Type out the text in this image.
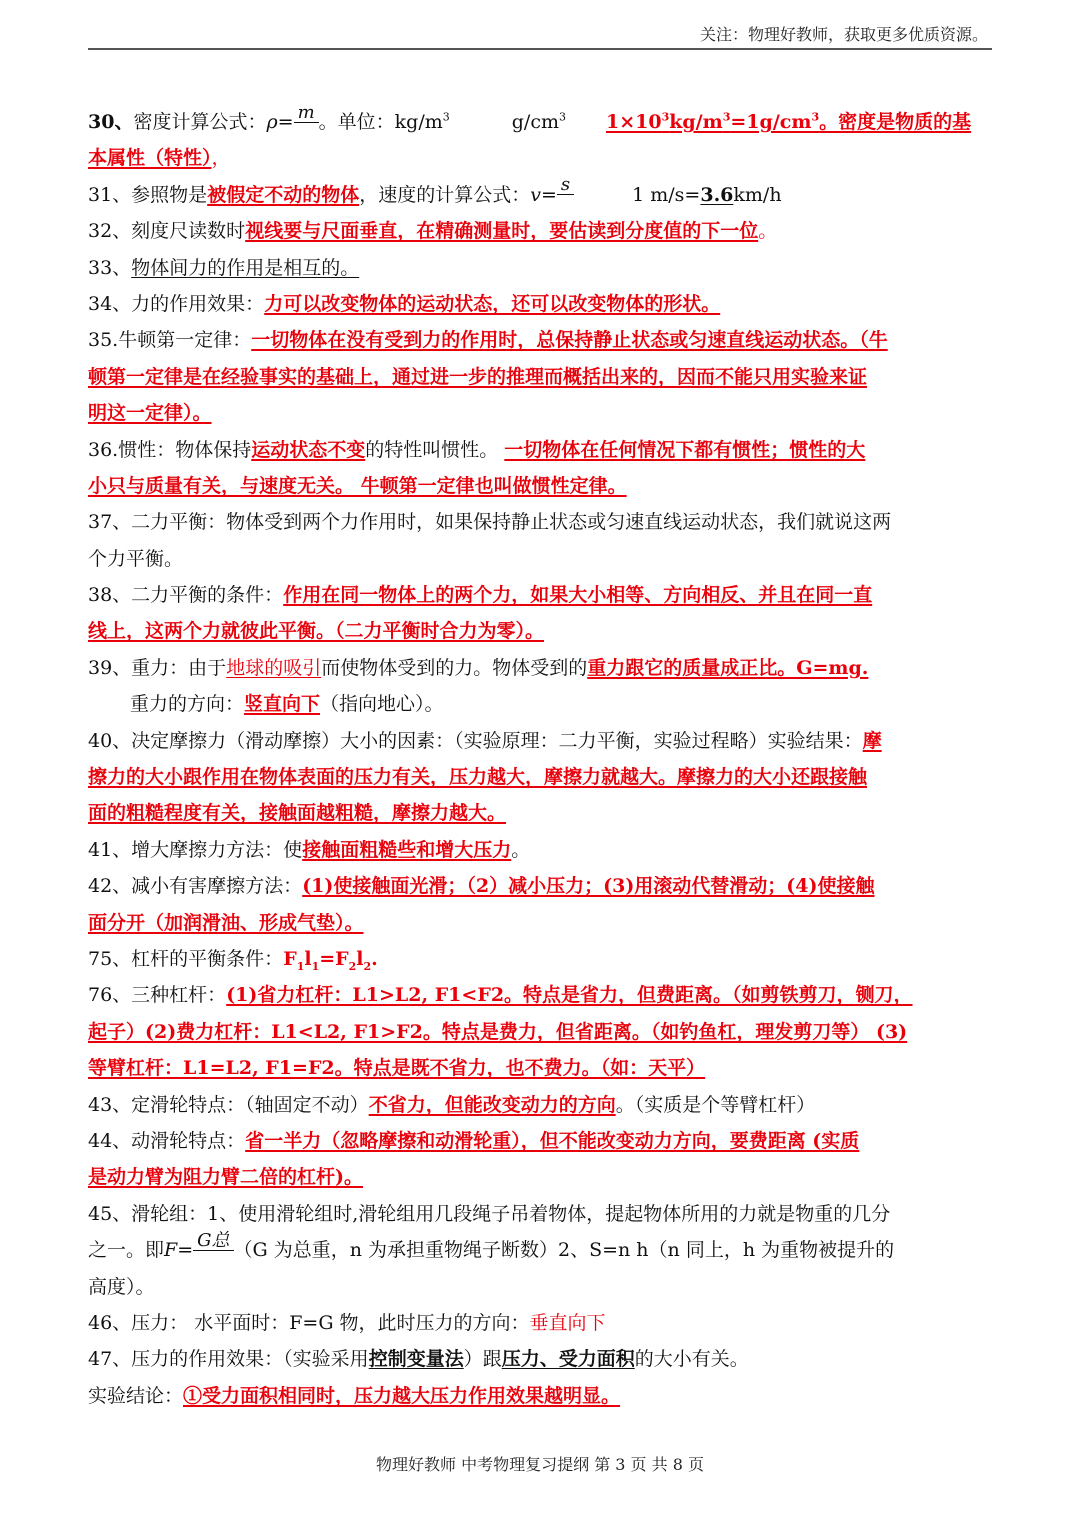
关注：物理好教师，获取更多优质资源。
30、密度计算公式：ρ= m 。单位：$kg/m^3$	$g/cm^3$ $1\times 10^3kg/m^3=1g/cm^3$。密度是物质的基
本属性（特性），
31、参照物是被假定不动的物体，速度的计算公式：v= s	1 m/s=3.6km/h
32、刻度尺读数时视线要与尺面垂直，在精确测量时，要估读到分度值的下一位。
33、物体间力的作用是相互的。
34、力的作用效果：力可以改变物体的运动状态，还可以改变物体的形状。
35.牛顿第一定律：一切物体在没有受到力的作用时，总保持静止状态或匀速直线运动状态。（牛
顿第一定律是在经验事实的基础上，通过进一步的推理而概括出来的，因而不能只用实验来证
明这一定律）。
36.惯性：物体保持运动状态不变的特性叫惯性。 一切物体在任何情况下都有惯性；惯性的大
小只与质量有关，与速度无关。 牛顿第一定律也叫做惯性定律。
37、二力平衡：物体受到两个力作用时，如果保持静止状态或匀速直线运动状态，我们就说这两
个力平衡。
38、二力平衡的条件：作用在同一物体上的两个力，如果大小相等、方向相反、并且在同一直
线上，这两个力就彼此平衡。（二力平衡时合力为零）。
39、重力：由于地球的吸引而使物体受到的力。物体受到的重力跟它的质量成正比。G=mg.
重力的方向：竖直向下（指向地心）。
40、决定摩擦力（滑动摩擦）大小的因素：（实验原理：二力平衡，实验过程略）实验结果：摩
擦力的大小跟作用在物体表面的压力有关，压力越大，摩擦力就越大。摩擦力的大小还跟接触
面的粗糙程度有关，接触面越粗糙，摩擦力越大。
41、增大摩擦力方法：使接触面粗糙些和增大压力。
42、减小有害摩擦方法：(1)使接触面光滑；（2）减小压力；(3)用滚动代替滑动；(4)使接触
面分开（加润滑油、形成气垫）。
75、杠杆的平衡条件：$F_1l_1=F_2l_2$.
76、三种杠杆：(1)省力杠杆：L1>L2, F1<F2。特点是省力，但费距离。（如剪铁剪刀，铡刀，
起子）(2)费力杠杆：L1<L2, F1>F2。特点是费力，但省距离。（如钓鱼杠，理发剪刀等） (3)
等臂杠杆：L1=L2, F1=F2。特点是既不省力，也不费力。（如：天平）
43、定滑轮特点：（轴固定不动）不省力，但能改变动力的方向。（实质是个等臂杠杆）
44、动滑轮特点：省一半力（忽略摩擦和动滑轮重），但不能改变动力方向，要费距离 (实质
是动力臂为阻力臂二倍的杠杆)。
45、滑轮组：1、使用滑轮组时,滑轮组用几段绳子吊着物体，提起物体所用的力就是物重的几分
之一。即F= G总 （G 为总重，n 为承担重物绳子断数）2、S=n h（n 同上，h 为重物被提升的
高度）。
46、压力： 水平面时：F=G 物，此时压力的方向：垂直向下
47、压力的作用效果：（实验采用控制变量法）跟压力、受力面积的大小有关。
实验结论：①受力面积相同时，压力越大压力作用效果越明显。
物理好教师 中考物理复习提纲 第 3 页 共 8 页
